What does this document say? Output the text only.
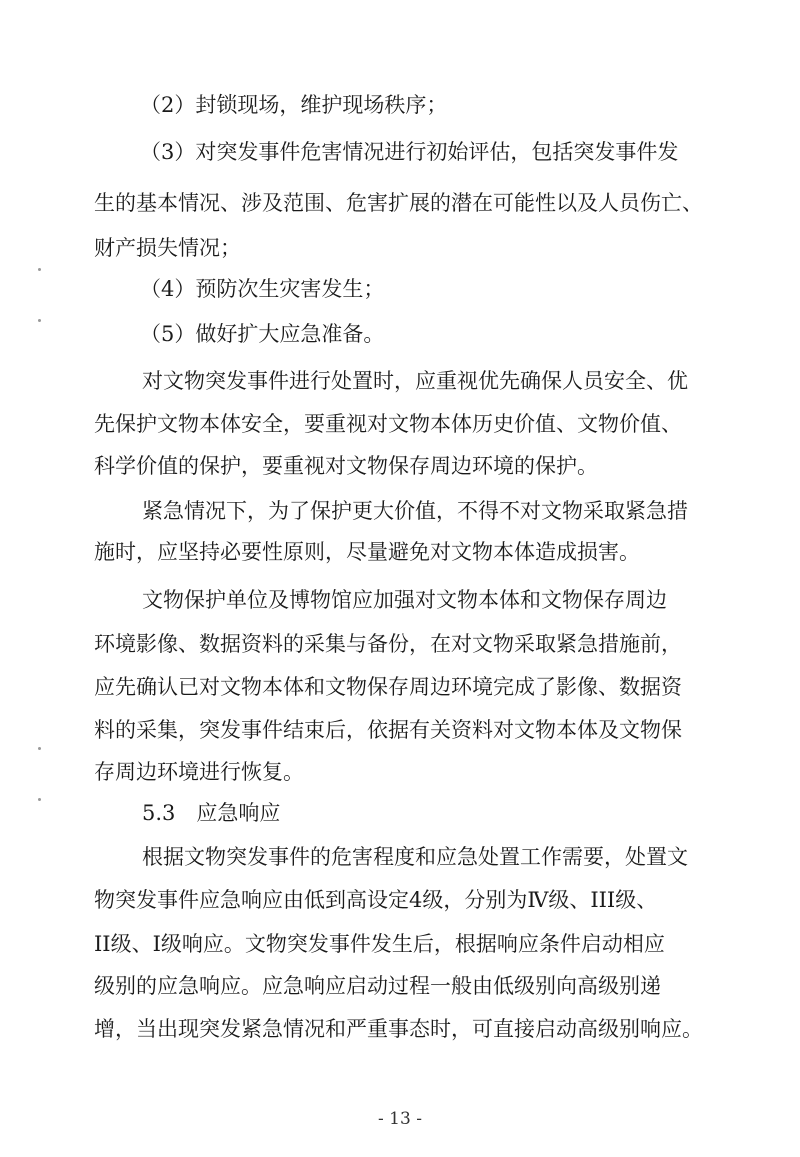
（2）封锁现场，维护现场秩序；
（3）对突发事件危害情况进行初始评估，包括突发事件发
生的基本情况、涉及范围、危害扩展的潜在可能性以及人员伤亡、
财产损失情况；
（4）预防次生灾害发生；
（5）做好扩大应急准备。
对文物突发事件进行处置时，应重视优先确保人员安全、优
先保护文物本体安全，要重视对文物本体历史价值、文物价值、
科学价值的保护，要重视对文物保存周边环境的保护。
紧急情况下，为了保护更大价值，不得不对文物采取紧急措
施时，应坚持必要性原则，尽量避免对文物本体造成损害。
文物保护单位及博物馆应加强对文物本体和文物保存周边
环境影像、数据资料的采集与备份，在对文物采取紧急措施前，
应先确认已对文物本体和文物保存周边环境完成了影像、数据资
料的采集，突发事件结束后，依据有关资料对文物本体及文物保
存周边环境进行恢复。
5.3　应急响应
根据文物突发事件的危害程度和应急处置工作需要，处置文
物突发事件应急响应由低到高设定4级，分别为Ⅳ级、III级、
II级、I级响应。文物突发事件发生后，根据响应条件启动相应
级别的应急响应。应急响应启动过程一般由低级别向高级别递
- 13 -
增，当出现突发紧急情况和严重事态时，可直接启动高级别响应。
